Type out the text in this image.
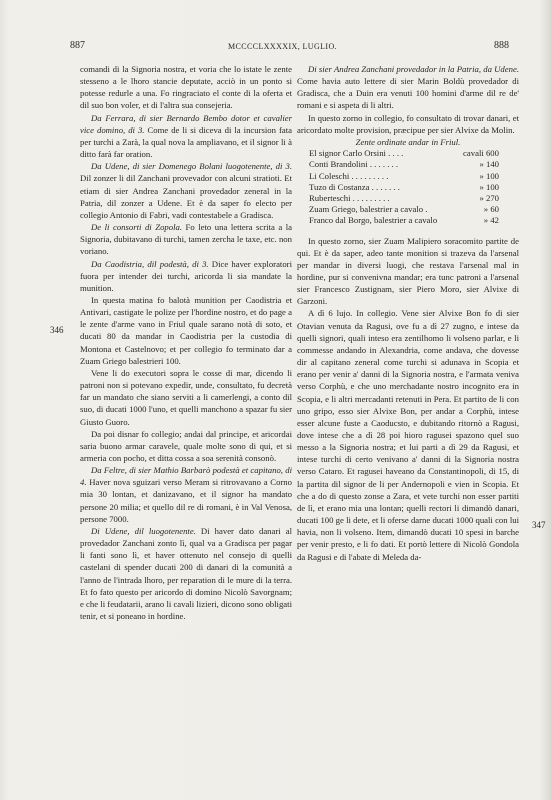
887	MCCCCLXXXXIX, LUGLIO.	888
346
347

comandi di la Signoria nostra, et voria che lo istate le zente stesseno a le lhoro stancie deputate, acciò in un ponto si potesse redurle a una. Fo ringraciato el conte di la oferta et dil suo bon voler, et di l'altra sua consejeria.

Da Ferrara, di sier Bernardo Bembo dotor et cavalier vice domino, di 3. Come de li si diceva di la incursion fata per turchi a Zarà, la qual nova la ampliavano, et il signor li à ditto farà far oration.

Da Udene, di sier Domenego Bolani luogotenente, di 3. Dil zonzer li dil Zanchani provevador con alcuni stratioti. Et etiam di sier Andrea Zanchani provedador zeneral in la Patria, dil zonzer a Udene. Et è da saper fo electo per collegio Antonio di Fabri, vadi contestabele a Gradisca.

De li consorti di Zopola. Fo leto una lettera scrita a la Signoria, dubitavano di turchi, tamen zercha le taxe, etc. non voriano.

Da Caodistria, dil podestà, di 3. Dice haver exploratori fuora per intender dei turchi, aricorda li sia mandate la munition.

In questa matina fo balotà munition per Caodistria et Antivari, castigate le polize per l'hordine nostro, et do page a le zente d'arme vano in Friul quale sarano notà di soto, et ducati 80 da mandar in Caodistria per la custodia di Montona et Castelnovo; et per collegio fo terminato dar a Zuam Griego balestrieri 100.

Vene li do executori sopra le cosse di mar, dicendo li patroni non si potevano expedir, unde, consultato, fu decretà far un mandato che siano serviti a li camerlengi, a conto dil suo, di ducati 1000 l'uno, et quelli manchono a spazar fu sier Giusto Guoro.

Da poi disnar fo collegio; andai dal principe, et aricordai saria buono armar caravele, quale molte sono di qui, et si armeria con pocho, et ditta cossa a soa serenità consonò.

Da Feltre, di sier Mathio Barbarò podestà et capitano, di 4. Haver nova sguizari verso Meram si ritrovavano a Corno mia 30 lontan, et danizavano, et il signor ha mandato persone 20 milia; et quello dil re di romani, è in Val Venosa, persone 7000.

Di Udene, dil luogotenente. Di haver dato danari al provedador Zanchani zonto lì, qual va a Gradisca per pagar li fanti sono lì, et haver ottenuto nel consejo di quelli castelani di spender ducati 200 di danari di la comunità a l'anno de l'intrada lhoro, per reparation di le mure di la terra. Et fo fato questo per aricordo di domino Nicolò Savorgnam; e che li feudatarii, arano li cavali lizieri, dicono sono obligati tenir, et si poneano in hordine.

Di sier Andrea Zanchani provedador in la Patria, da Udene. Come havia auto lettere di sier Marin Boldù provedador di Gradisca, che a Duin era venuti 100 homini d'arme dil re de' romani e si aspeta di li altri.

In questo zorno in collegio, fo consultato di trovar danari, et aricordato molte provision, præcipue per sier Alvixe da Molin.

Zente ordinate andar in Friul.

El signor Carlo Orsini . . . .	cavali 600
Conti Brandolini . . . . . . .	» 140
Li Coleschi . . . . . . . . .	» 100
Tuzo di Costanza . . . . . . .	» 100
Ruberteschi . . . . . . . . .	» 270
Zuam Griego, balestrier a cavalo .	» 60
Franco dal Borgo, balestrier a cavalo	» 42

In questo zorno, sier Zuam Malipiero soracomito partite de qui. Et è da saper, adeo tante monition si trazeva da l'arsenal per mandar in diversi luogi, che restava l'arsenal mal in hordine, pur si convenivna mandar; era tunc patroni a l'arsenal sier Francesco Zustignam, sier Piero Moro, sier Alvixe di Garzoni.

A dì 6 lujo. In collegio. Vene sier Alvixe Bon fo di sier Otavian venuta da Ragusi, ove fu a dì 27 zugno, e intese da quelli signori, quali inteso era zentilhomo li volseno parlar, e li commesse andando in Alexandria, come andava, che dovesse dir al capitano zeneral come turchi si adunava in Scopia et erano per venir a' danni di la Signoria nostra, e l'armata veniva verso Corphù, e che uno merchadante nostro incognito era in Scopia, e li altri mercadanti retenuti in Pera. Et partito de li con uno gripo, esso sier Alvixe Bon, per andar a Corphù, intese esser alcune fuste a Caoducsto, e dubitando ritornò a Ragusi, dove intese che a dì 28 poi hioro ragusei spazono quel suo messo a la Signoria nostra; et lui parti a dì 29 da Ragusi, et intese turchi di certo venivano a' danni di la Signoria nostra verso Cataro. Et ragusei haveano da Constantinopoli, di 15, di la partita dil signor de li per Andernopoli e vien in Scopia. Et che a do di questo zonse a Zara, et vete turchi non esser partiti de lì, et erano mia una lontan; quelli rectori li dimandò danari, ducati 100 ge li dete, et li oferse darne ducati 1000 quali con lui havia, non li volseno. Item, dimandò ducati 10 spesi in barche per venir presto, e li fo dati. Et portò lettere di Nicolò Gondola da Ragusi e di l'abate di Meleda da-
